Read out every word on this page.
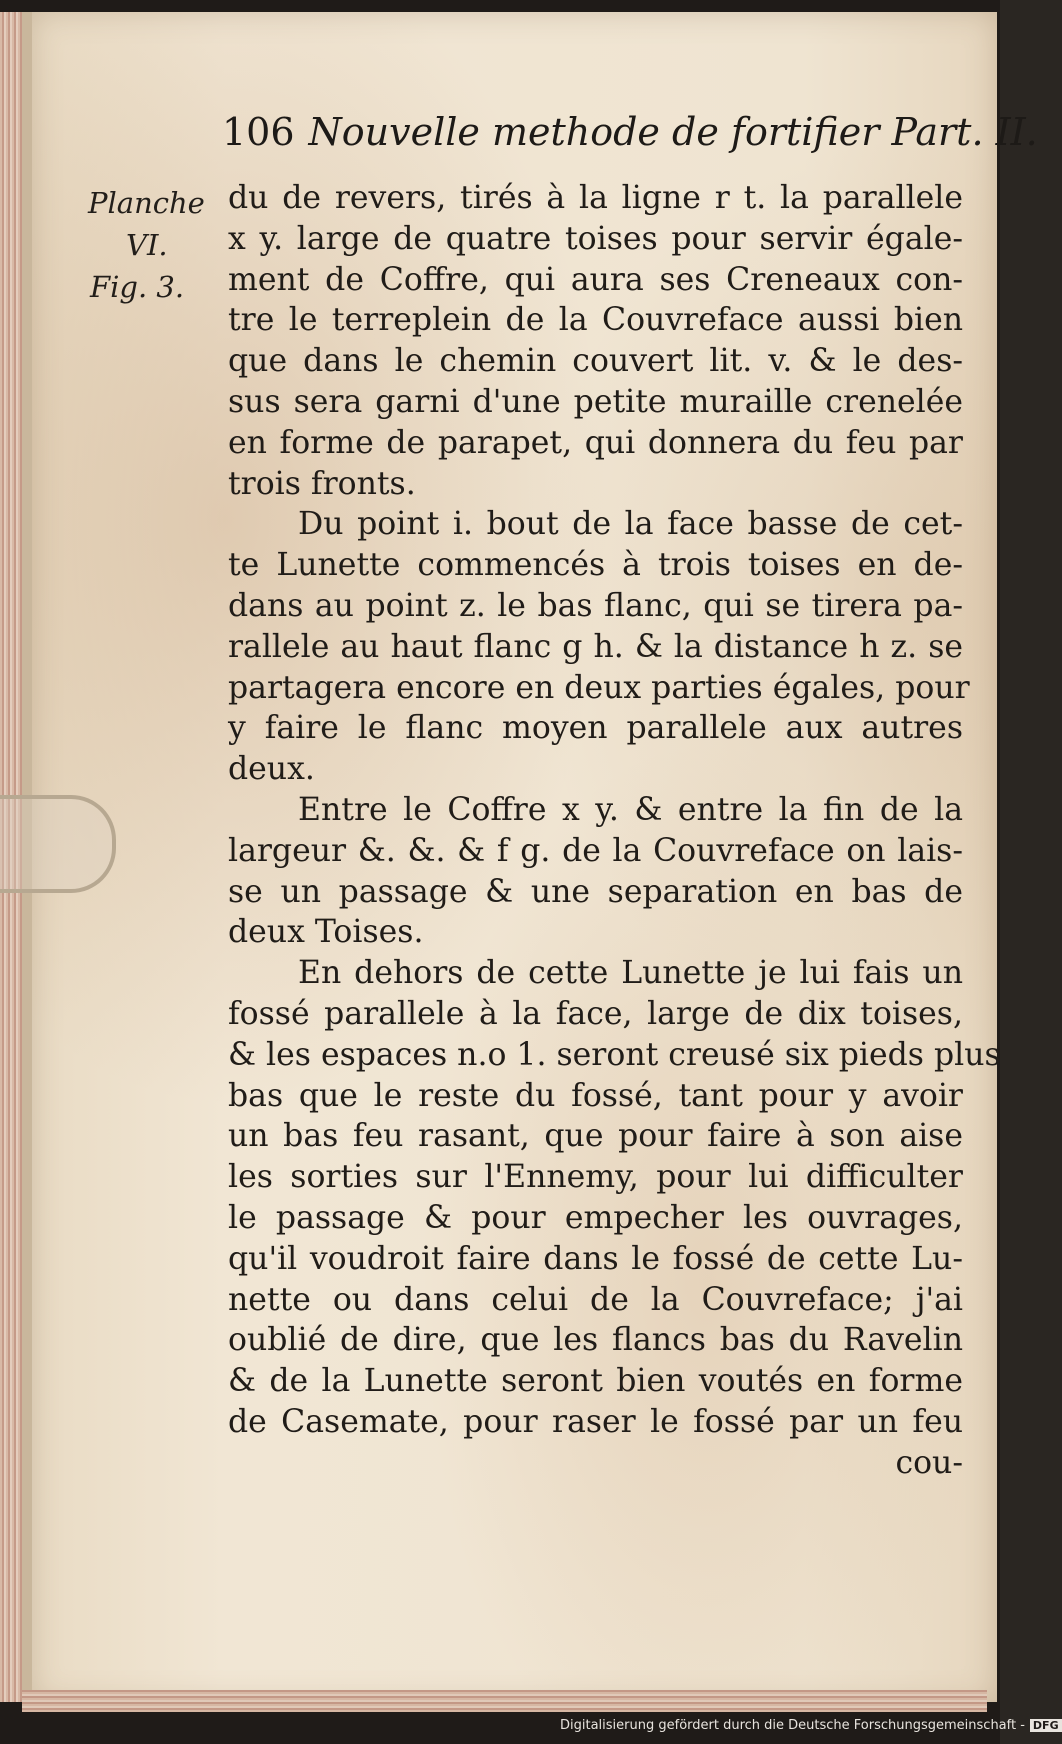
106 Nouvelle methode de fortifier Part. II.
Planche
VI.
Fig. 3.
du de revers, tirés à la ligne r t. la parallele
x y. large de quatre toises pour servir égale-
ment de Coffre, qui aura ses Creneaux con-
tre le terreplein de la Couvreface aussi bien
que dans le chemin couvert lit. v. & le des-
sus sera garni d'une petite muraille crenelée
en forme de parapet, qui donnera du feu par
trois fronts.
Du point i. bout de la face basse de cet-
te Lunette commencés à trois toises en de-
dans au point z. le bas flanc, qui se tirera pa-
rallele au haut flanc g h. & la distance h z. se
partagera encore en deux parties égales, pour
y faire le flanc moyen parallele aux autres
deux.
Entre le Coffre x y. & entre la fin de la
largeur &. &. & f g. de la Couvreface on lais-
se un passage & une separation en bas de
deux Toises.
En dehors de cette Lunette je lui fais un
fossé parallele à la face, large de dix toises,
& les espaces n.o 1. seront creusé six pieds plus
bas que le reste du fossé, tant pour y avoir
un bas feu rasant, que pour faire à son aise
les sorties sur l'Ennemy, pour lui difficulter
le passage & pour empecher les ouvrages,
qu'il voudroit faire dans le fossé de cette Lu-
nette ou dans celui de la Couvreface; j'ai
oublié de dire, que les flancs bas du Ravelin
& de la Lunette seront bien voutés en forme
de Casemate, pour raser le fossé par un feu
cou-
Digitalisierung gefördert durch die Deutsche Forschungsgemeinschaft - DFG
